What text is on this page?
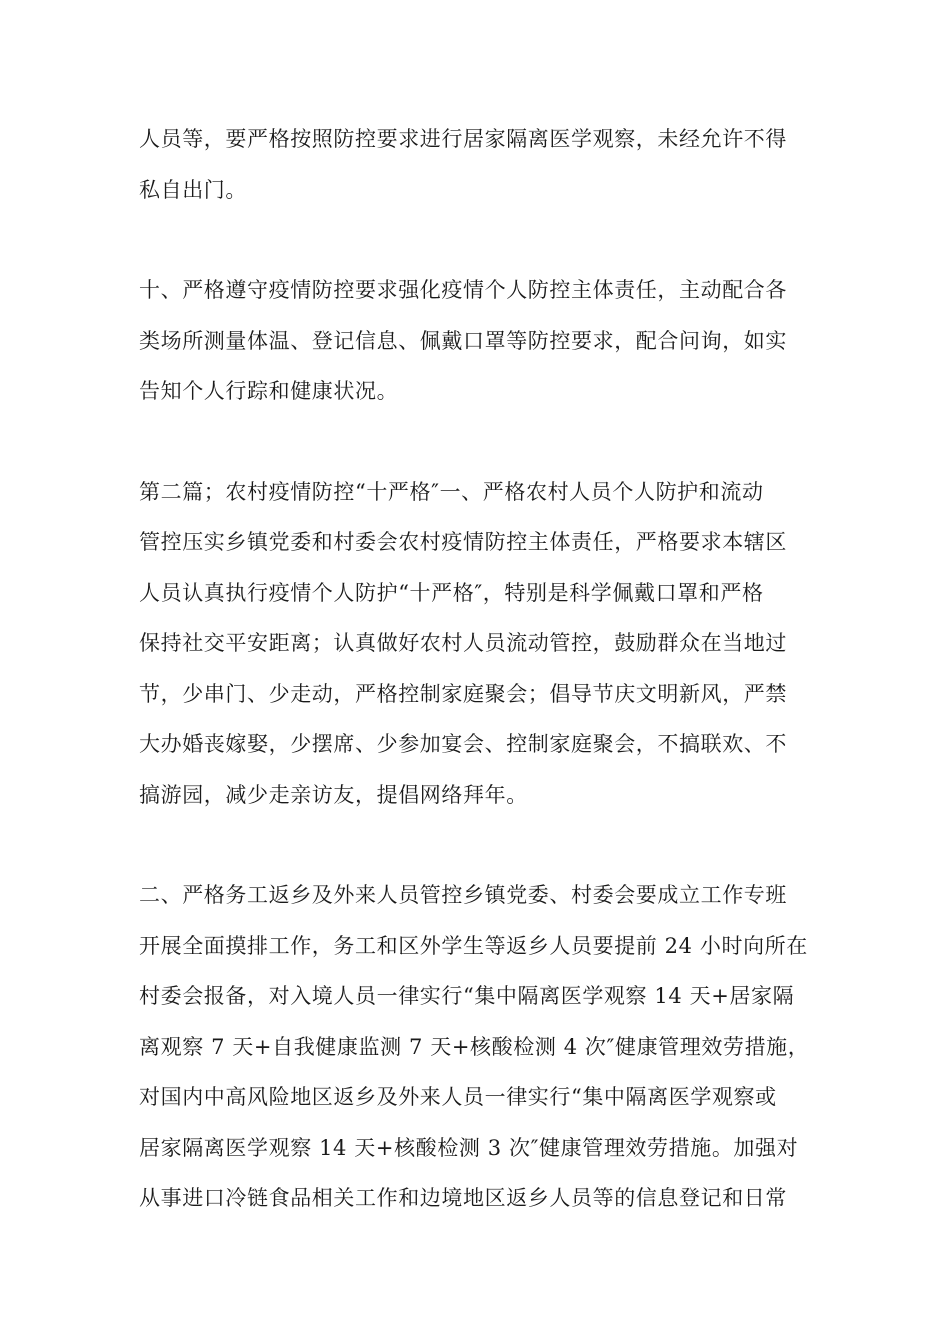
人员等，要严格按照防控要求进行居家隔离医学观察，未经允许不得
私自出门。

十、严格遵守疫情防控要求强化疫情个人防控主体责任，主动配合各
类场所测量体温、登记信息、佩戴口罩等防控要求，配合问询，如实
告知个人行踪和健康状况。

第二篇；农村疫情防控“十严格″一、严格农村人员个人防护和流动
管控压实乡镇党委和村委会农村疫情防控主体责任，严格要求本辖区
人员认真执行疫情个人防护“十严格″，特别是科学佩戴口罩和严格
保持社交平安距离；认真做好农村人员流动管控，鼓励群众在当地过
节，少串门、少走动，严格控制家庭聚会；倡导节庆文明新风，严禁
大办婚丧嫁娶，少摆席、少参加宴会、控制家庭聚会，不搞联欢、不
搞游园，减少走亲访友，提倡网络拜年。

二、严格务工返乡及外来人员管控乡镇党委、村委会要成立工作专班
开展全面摸排工作，务工和区外学生等返乡人员要提前 24 小时向所在
村委会报备，对入境人员一律实行“集中隔离医学观察 14 天+居家隔
离观察 7 天+自我健康监测 7 天+核酸检测 4 次″健康管理效劳措施，
对国内中高风险地区返乡及外来人员一律实行“集中隔离医学观察或
居家隔离医学观察 14 天+核酸检测 3 次″健康管理效劳措施。加强对
从事进口冷链食品相关工作和边境地区返乡人员等的信息登记和日常
